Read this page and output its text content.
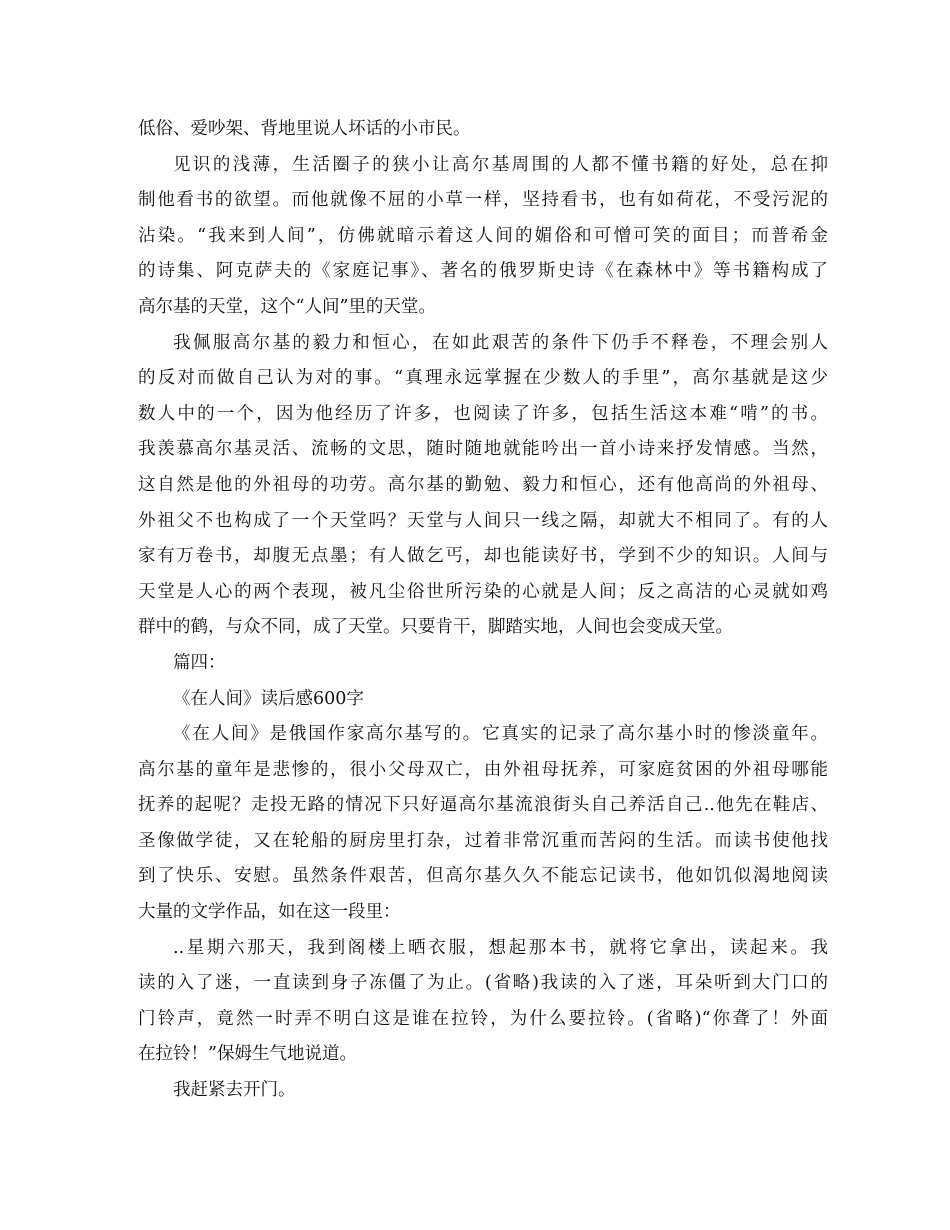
低俗、爱吵架、背地里说人坏话的小市民。
见识的浅薄，生活圈子的狭小让高尔基周围的人都不懂书籍的好处，总在抑
制他看书的欲望。而他就像不屈的小草一样，坚持看书，也有如荷花，不受污泥的
沾染。“我来到人间”，仿佛就暗示着这人间的媚俗和可憎可笑的面目；而普希金
的诗集、阿克萨夫的《家庭记事》、著名的俄罗斯史诗《在森林中》等书籍构成了
高尔基的天堂，这个“人间”里的天堂。
我佩服高尔基的毅力和恒心，在如此艰苦的条件下仍手不释卷，不理会别人
的反对而做自己认为对的事。“真理永远掌握在少数人的手里”，高尔基就是这少
数人中的一个，因为他经历了许多，也阅读了许多，包括生活这本难“啃”的书。
我羡慕高尔基灵活、流畅的文思，随时随地就能吟出一首小诗来抒发情感。当然，
这自然是他的外祖母的功劳。高尔基的勤勉、毅力和恒心，还有他高尚的外祖母、
外祖父不也构成了一个天堂吗？天堂与人间只一线之隔，却就大不相同了。有的人
家有万卷书，却腹无点墨；有人做乞丐，却也能读好书，学到不少的知识。人间与
天堂是人心的两个表现，被凡尘俗世所污染的心就是人间；反之高洁的心灵就如鸡
群中的鹤，与众不同，成了天堂。只要肯干，脚踏实地，人间也会变成天堂。
篇四：
《在人间》读后感600字
《在人间》是俄国作家高尔基写的。它真实的记录了高尔基小时的惨淡童年。
高尔基的童年是悲惨的，很小父母双亡，由外祖母抚养，可家庭贫困的外祖母哪能
抚养的起呢？走投无路的情况下只好逼高尔基流浪街头自己养活自己..他先在鞋店、
圣像做学徒，又在轮船的厨房里打杂，过着非常沉重而苦闷的生活。而读书使他找
到了快乐、安慰。虽然条件艰苦，但高尔基久久不能忘记读书，他如饥似渴地阅读
大量的文学作品，如在这一段里：
..星期六那天，我到阁楼上晒衣服，想起那本书，就将它拿出，读起来。我
读的入了迷，一直读到身子冻僵了为止。(省略)我读的入了迷，耳朵听到大门口的
门铃声，竟然一时弄不明白这是谁在拉铃，为什么要拉铃。(省略)“你聋了！外面
在拉铃！”保姆生气地说道。
我赶紧去开门。
